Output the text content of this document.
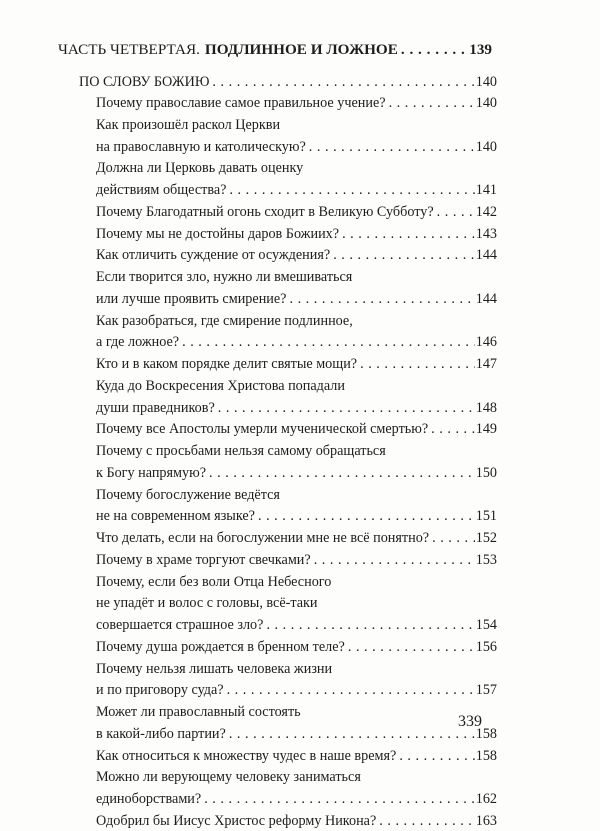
ЧАСТЬ ЧЕТВЕРТАЯ. ПОДЛИННОЕ И ЛОЖНОЕ . . .	139
ПО СЛОВУ БОЖИЮ . . .	140
Почему православие самое правильное учение? . . .	140
Как произошёл раскол Церкви
на православную и католическую? . . .	140
Должна ли Церковь давать оценку
действиям общества? . . .	141
Почему Благодатный огонь сходит в Великую Субботу? . . .	142
Почему мы не достойны даров Божиих? . . .	143
Как отличить суждение от осуждения? . . .	144
Если творится зло, нужно ли вмешиваться
или лучше проявить смирение? . . .	144
Как разобраться, где смирение подлинное,
а где ложное? . . .	146
Кто и в каком порядке делит святые мощи? . . .	147
Куда до Воскресения Христова попадали
души праведников? . . .	148
Почему все Апостолы умерли мученической смертью? . . .	149
Почему с просьбами нельзя самому обращаться
к Богу напрямую? . . .	150
Почему богослужение ведётся
не на современном языке? . . .	151
Что делать, если на богослужении мне не всё понятно? . . .	152
Почему в храме торгуют свечками? . . .	153
Почему, если без воли Отца Небесного
не упадёт и волос с головы, всё-таки
совершается страшное зло? . . .	154
Почему душа рождается в бренном теле? . . .	156
Почему нельзя лишать человека жизни
и по приговору суда? . . .	157
Может ли православный состоять
в какой-либо партии? . . .	158
Как относиться к множеству чудес в наше время? . . .	158
Можно ли верующему человеку заниматься
единоборствами? . . .	162
Одобрил бы Иисус Христос реформу Никона? . . .	163
339
